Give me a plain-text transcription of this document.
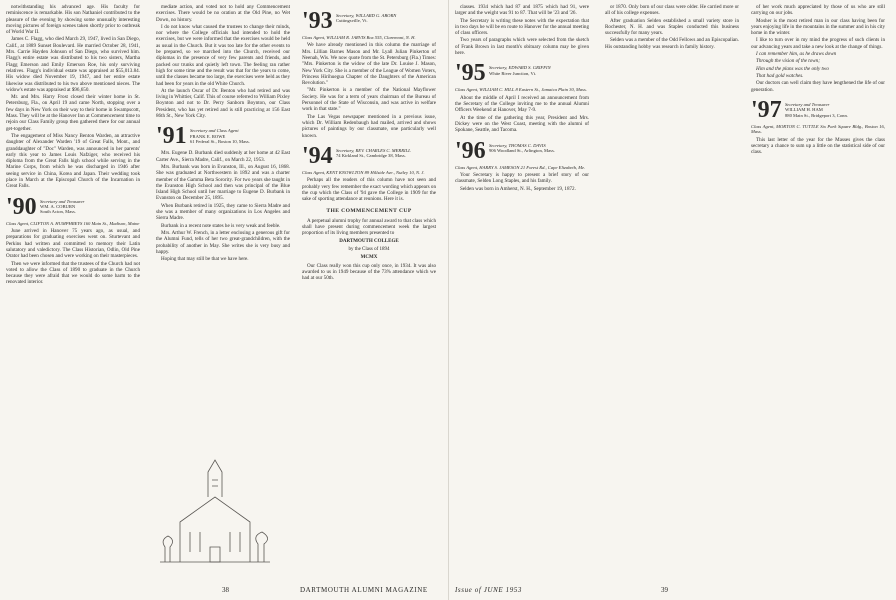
notwithstanding his advanced age. His faculty for reminiscence is remarkable. His son Nathaniel contributed to the pleasure of the evening by showing some unusually interesting moving pictures of foreign scenes taken shortly prior to outbreak of World War II.

James C. Flagg, who died March 29, 1947, lived in San Diego, Calif., at 1889 Sunset Boulevard. He married October 28, 1941, Mrs. Carrie Hayden Johnson of San Diego, who survived him. Flagg's entire estate was distributed to his two sisters, Martha Flagg Emerson and Emily Emerson Roe, his only surviving relatives. Flagg's individual estate was appraised at $55,013.84. His widow died November 19, 1947, and her entire estate likewise was distributed to his two above mentioned nieces. The widow's estate was appraised at $96,650.

Mr. and Mrs. Harry Frost closed their winter home in St. Petersburg, Fla., on April 19 and came North, stopping over a few days in New York on their way to their home in Swampscott, Mass. They will be at the Hanover Inn at Commencement time to rejoin our Class Family group then gathered there for our annual get-together.

The engagement of Miss Nancy Benton Warden, an attractive daughter of Alexander Warden '19 of Great Falls, Mont., and granddaughter of "Doc" Warden, was announced in her parents' early this year to James Louis Nafziger, who received his diploma from the Great Falls high school while serving in the Marine Corps, from which he was discharged in 1946 after seeing service in China, Korea and Japan. Their wedding took place in March at the Episcopal Church of the Incarnation in Great Falls.

'90 Secretary and Treasurer
WM. A. COBURN
South Acton, Mass.
Class Agent, CLIFTON A. HUMPHREYS 160 Main St., Madison, Maine

June arrived in Hanover 75 years ago, as usual, and preparations for graduating exercises went on. Sturtevant and Perkins had written and committed to memory their Latin salutatory and valedictory. The Class Historian, Odlin, Old Pine Orator had been chosen and were working on their masterpieces.

Then we were informed that the trustees of the Church had not voted to allow the Class of 1890 to graduate in the Church because they were afraid that we would do some harm to the renovated interior.

mediate action, and voted not to hold any Commencement exercises. There would be no oration at the Old Pine, no Wet Down, no history.

I do not know what caused the trustees to change their minds, nor where the College officials had intended to hold the exercises, but we were informed that the exercises would be held as usual in the Church. But it was too late for the other events to be prepared, so we marched into the Church, received our diplomas in the presence of very few parents and friends, and packed our trunks and quietly left town. The feeling ran rather high for some time and the result was that for the years to come, until the classes became too large, the exercises were held as they had been for years in the old White Church.

At the launch Oscar of Dr. Benton who had retired and was living in Whittier, Calif. This of course referred to William Pixley Boynton and not to Dr. Perry Sanborn Boynton, our Class President, who has yet retired and is still practicing at 156 East 86th St., New York City.

'91 Secretary and Class Agent
FRANK E. ROWE
61 Federal St., Boston 10, Mass.

Mrs. Eugene D. Burbank died suddenly at her home at 42 East Carter Ave., Sierra Madre, Calif., on March 22, 1953.

Mrs. Burbank was born in Evanston, Ill., on August 16, 1868. She was graduated at Northwestern in 1892 and was a charter member of the Gamma Beta Sorority. For two years she taught in the Evanston High School and then was principal of the Blue Island High School until her marriage to Eugene D. Burbank in Evanston on December 25, 1895.

When Burbank retired in 1925, they came to Sierra Madre and she was a member of many organizations in Los Angeles and Sierra Madre.

Burbank in a recent note states he is very weak and feeble.

Mrs. Arthur W. French, in a letter enclosing a generous gift for the Alumni Fund, tells of her two great-grandchildren, with the probability of another in May. She writes she is very busy and happy.

Hoping that may still be that we have here.

'93 Secretary, WILLARD G. ABORN
Cuttingsville, Vt.
Class Agent, WILLIAM R. JARVIS Box 555, Claremont, N. H.

We have already mentioned in this column the marriage of Mrs. Lillian Barnes Mason and Mr. Lyall Julian Pinkerton of Neenah, Wis. We now quote from the St. Petersburg (Fla.) Times: "Mrs. Pinkerton is the widow of the late Dr. Louise J. Mason, New York City. She is a member of the League of Women Voters, Princess Hirihuegua Chapter of the Daughters of the American Revolution."

"Mr. Pinkerton is a member of the National Mayflower Society. He was for a term of years chairman of the Bureau of Personnel of the State of Wisconsin, and was active in welfare work in that state."

The Las Vegas newspaper mentioned in a previous issue, which Dr. William Redenbaugh had mailed, arrived and shows pictures of paintings by our classmate, one particularly well known.

'94 Secretary, REV. CHARLES C. MERRILL
74 Kirkland St., Cambridge 38, Mass.
Class Agent, KENT KNOWLTON 89 Hillside Ave., Nutley 10, N. J.

Perhaps all the readers of this column have not seen and probably very few remember the exact wording which appears on the cup which the Class of '94 gave the College in 1909 for the sake of sporting attendance at reunions. Here it is.

THE COMMENCEMENT CUP

A perpetual alumni trophy for annual award to that class which shall have present during commencement week the largest proportion of its living members presented to

DARTMOUTH COLLEGE
by the Class of 1894
MCMX

Our Class really won this cup only once, in 1934. It was also awarded to us in 1949 because of the 73% attendance which we had at our 50th.

38	DARTMOUTH ALUMNI MAGAZINE

classes. 1934 which had 87 and 1875 which had 91, were larger and the weight was 91 to 87. That will be '23 and '26.

The Secretary is writing these notes with the expectation that in two days he will be en route to Hanover for the annual meeting of class officers.

Two years of paragraphs which were selected from the sketch of Frank Brown in last month's obituary column may be given here.

'95 Secretary, EDWARD S. GRIFFIN
White River Junction, Vt.
Class Agent, WILLIAM C. HILL 8 Eastern St., Jamaica Plain 30, Mass.

About the middle of April I received an announcement from the Secretary of the College inviting me to the annual Alumni Officers Weekend at Hanover, May 7-9.

At the time of the gathering this year, President and Mrs. Dickey were on the West Coast, meeting with the alumni of Spokane, Seattle, and Tacoma.

'96 Secretary, THOMAS C. DAVIS
906 Woodland St., Arlington, Mass.
Class Agent, HARRY S. JAMESON 21 Forest Rd., Cape Elizabeth, Me.

Your Secretary is happy to present a brief story of our classmate, Selden Long Staples, and his family.

Selden was born in Amherst, N. H., September 19, 1872.

or 1870. Only born of our class were older. He carried more or all of his college expenses.

After graduation Selden established a small variety store in Rochester, N. H. and was Staples conducted this business successfully for many years.

Selden was a member of the Odd Fellows and an Episcopalian. His outstanding hobby was research in family history.

of her work much appreciated by those of us who are still carrying on our jobs.

Mosher is the most retired man in our class having been for years enjoying life in the mountains in the summer and in his city home in the winter.

I like to turn over in my mind the progress of such clients in our advancing years and take a new look at the change of things.

I can remember him, as he draws down

Through the vision of the town;

Him and the plans was the only two

That had gold watches.

Our doctors can well claim they have lengthened the life of our generation.

'97 Secretary and Treasurer
WILLIAM H. HAM
880 Main St., Bridgeport 3, Conn.
Class Agent, MORTON C. TUTTLE Six Park Square Bldg., Boston 16, Mass.

This last letter of the year for the Masses gives the class secretary a chance to sum up a little on the statistical side of our class.

Issue of JUNE 1953	39
